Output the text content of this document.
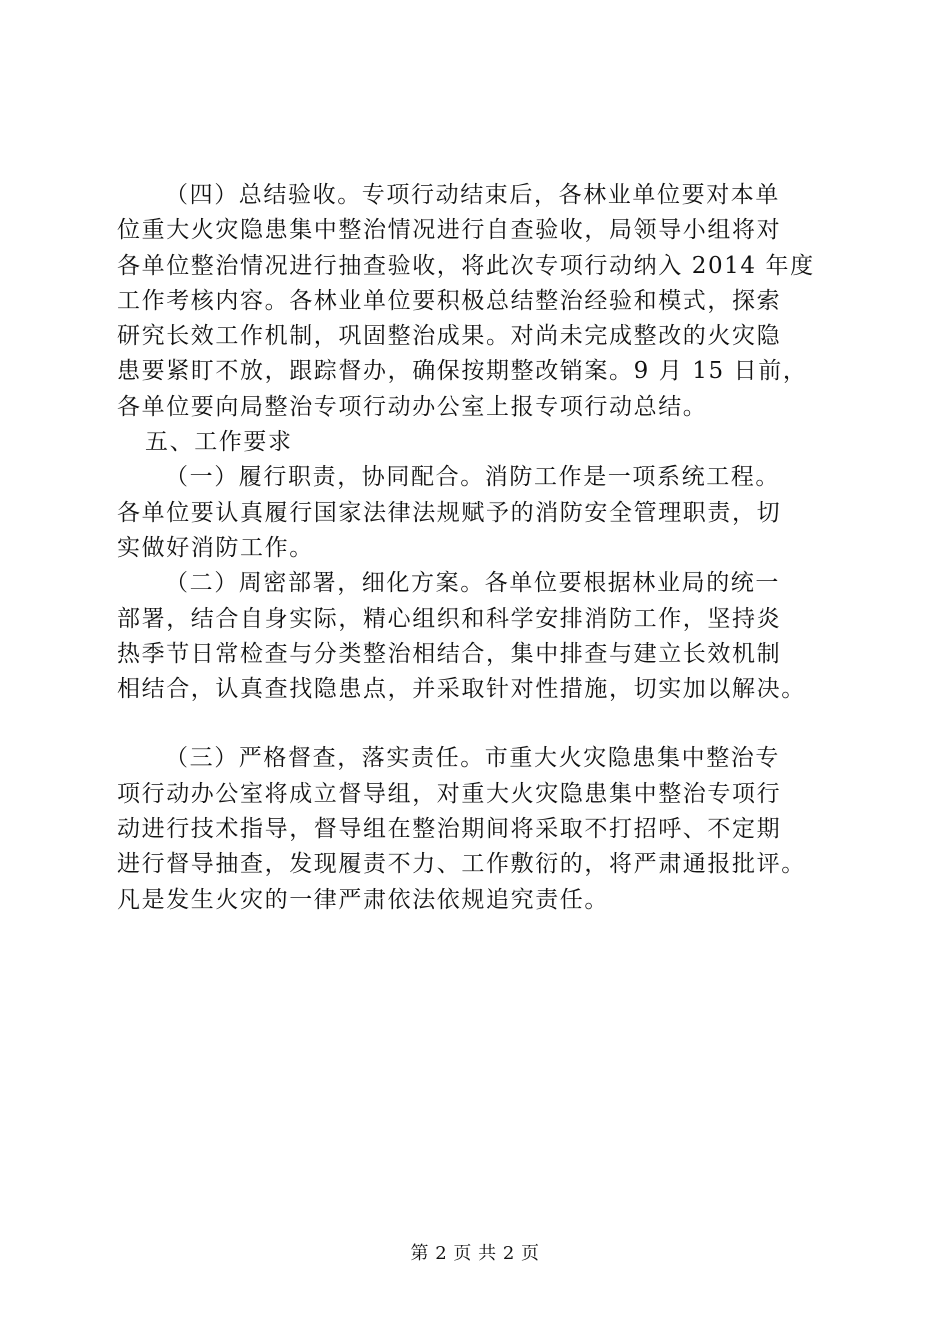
（四）总结验收。专项行动结束后，各林业单位要对本单
位重大火灾隐患集中整治情况进行自查验收，局领导小组将对
各单位整治情况进行抽查验收，将此次专项行动纳入 2014 年度
工作考核内容。各林业单位要积极总结整治经验和模式，探索
研究长效工作机制，巩固整治成果。对尚未完成整改的火灾隐
患要紧盯不放，跟踪督办，确保按期整改销案。9 月 15 日前，
各单位要向局整治专项行动办公室上报专项行动总结。
五、工作要求
（一）履行职责，协同配合。消防工作是一项系统工程。
各单位要认真履行国家法律法规赋予的消防安全管理职责，切
实做好消防工作。
（二）周密部署，细化方案。各单位要根据林业局的统一
部署，结合自身实际，精心组织和科学安排消防工作，坚持炎
热季节日常检查与分类整治相结合，集中排查与建立长效机制
相结合，认真查找隐患点，并采取针对性措施，切实加以解决。
（三）严格督查，落实责任。市重大火灾隐患集中整治专
项行动办公室将成立督导组，对重大火灾隐患集中整治专项行
动进行技术指导，督导组在整治期间将采取不打招呼、不定期
进行督导抽查，发现履责不力、工作敷衍的，将严肃通报批评。
凡是发生火灾的一律严肃依法依规追究责任。
第 2 页 共 2 页
